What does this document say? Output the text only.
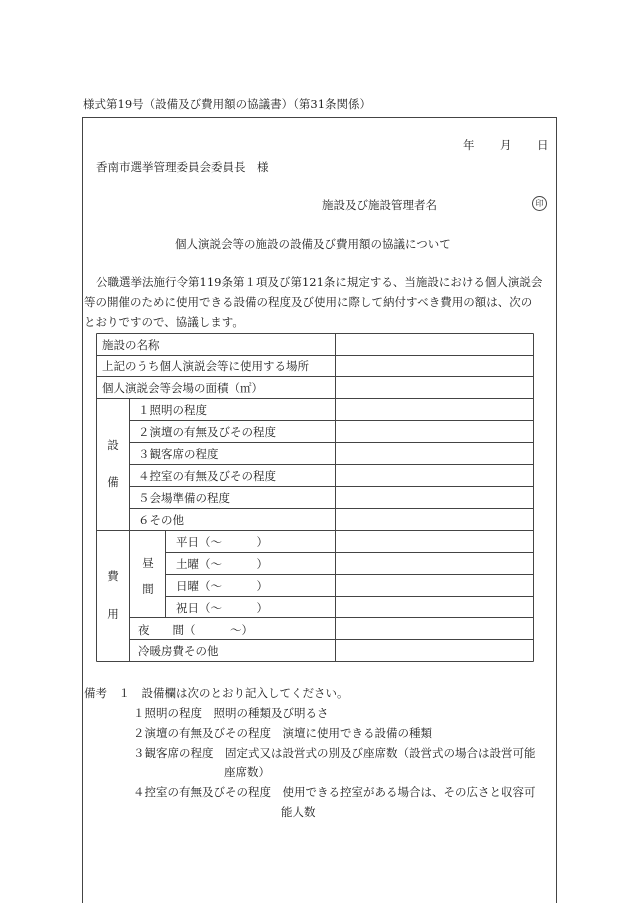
様式第19号（設備及び費用額の協議書）（第31条関係）
年 月 日
香南市選挙管理委員会委員長　様
施設及び施設管理者名	印
個人演説会等の施設の設備及び費用額の協議について
公職選挙法施行令第119条第１項及び第121条に規定する、当施設における個人演説会
等の開催のために使用できる設備の程度及び使用に際して納付すべき費用の額は、次の
とおりですので、協議します。
施設の名称
上記のうち個人演説会等に使用する場所
個人演説会等会場の面積（㎡）
設
備
１照明の程度
２演壇の有無及びその程度
３観客席の程度
４控室の有無及びその程度
５会場準備の程度
６その他
費
用
昼
間
平日（～　　　）
土曜（～　　　）
日曜（～　　　）
祝日（～　　　）
夜　　間（　　　～）
冷暖房費その他
備考　１　設備欄は次のとおり記入してください。
１照明の程度　照明の種類及び明るさ
２演壇の有無及びその程度　演壇に使用できる設備の種類
３観客席の程度　固定式又は設営式の別及び座席数（設営式の場合は設営可能
座席数）
４控室の有無及びその程度　使用できる控室がある場合は、その広さと収容可
能人数
